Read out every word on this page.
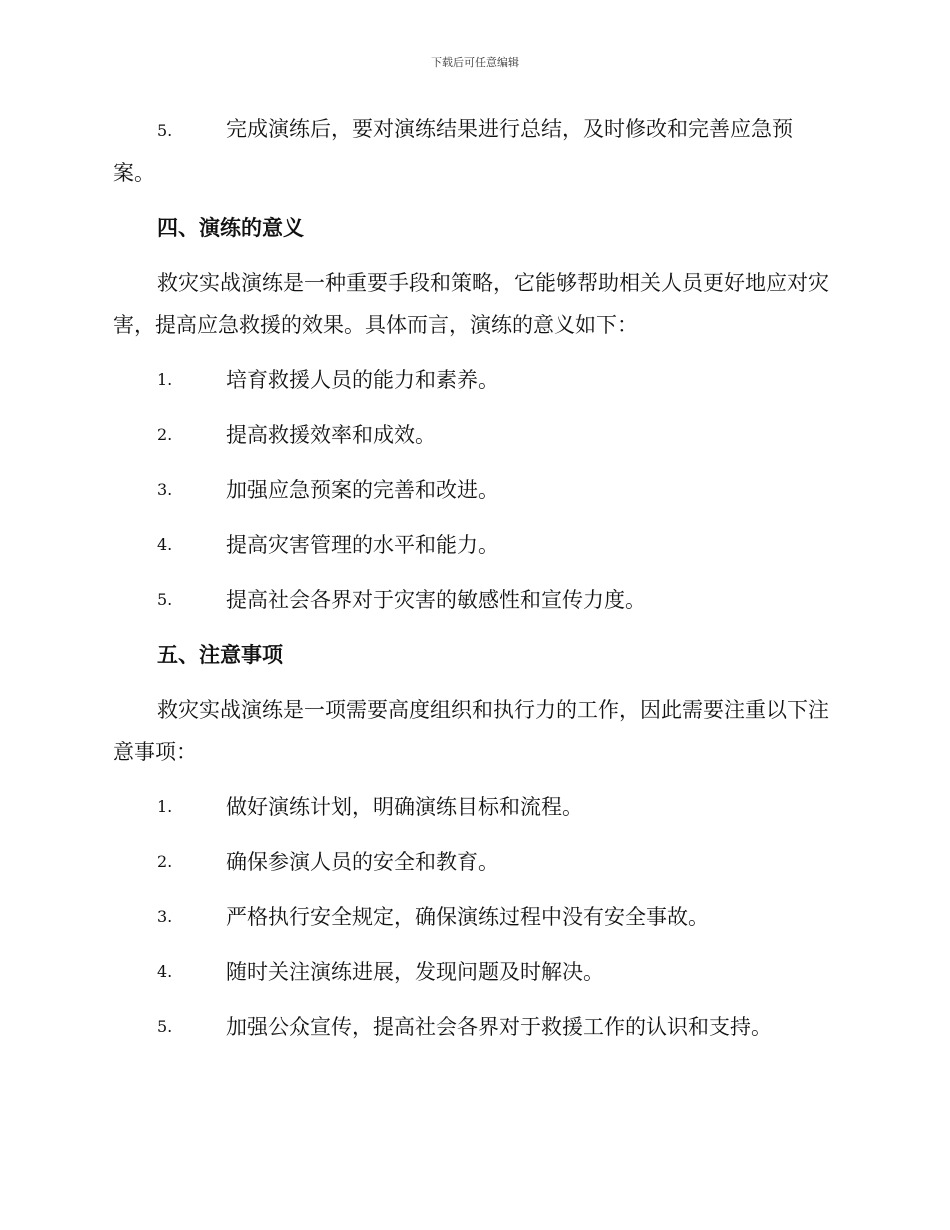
下载后可任意编辑
5.	完成演练后，要对演练结果进行总结，及时修改和完善应急预案。
四、演练的意义
救灾实战演练是一种重要手段和策略，它能够帮助相关人员更好地应对灾害，提高应急救援的效果。具体而言，演练的意义如下：
1.	培育救援人员的能力和素养。
2.	提高救援效率和成效。
3.	加强应急预案的完善和改进。
4.	提高灾害管理的水平和能力。
5.	提高社会各界对于灾害的敏感性和宣传力度。
五、注意事项
救灾实战演练是一项需要高度组织和执行力的工作，因此需要注重以下注意事项：
1.	做好演练计划，明确演练目标和流程。
2.	确保参演人员的安全和教育。
3.	严格执行安全规定，确保演练过程中没有安全事故。
4.	随时关注演练进展，发现问题及时解决。
5.	加强公众宣传，提高社会各界对于救援工作的认识和支持。
